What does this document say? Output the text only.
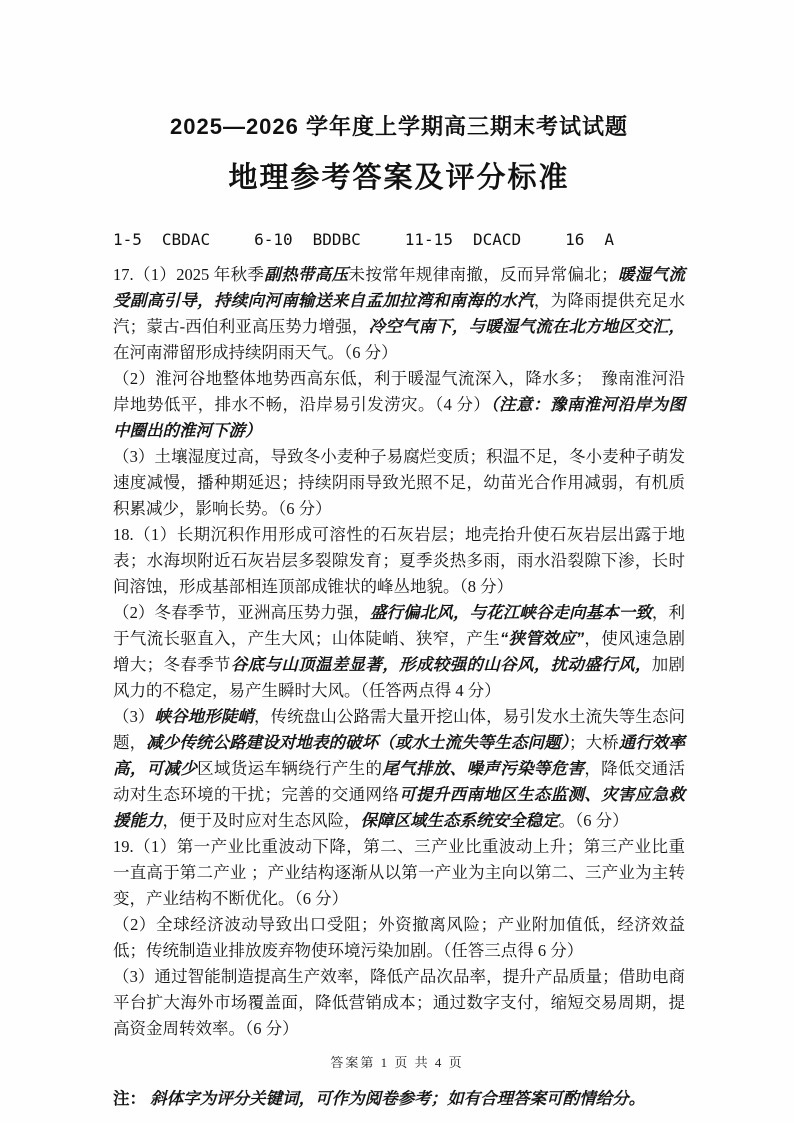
2025—2026 学年度上学期高三期末考试试题
地理参考答案及评分标准
1-5 CBDAC	6-10 BDDBC	11-15 DCACD	16 A

17.（1）2025 年秋季副热带高压未按常年规律南撤，反而异常偏北；暖湿气流受副高引导，持续向河南输送来自孟加拉湾和南海的水汽，为降雨提供充足水汽；蒙古-西伯利亚高压势力增强，冷空气南下，与暖湿气流在北方地区交汇，在河南滞留形成持续阴雨天气。（6 分）

（2）淮河谷地整体地势西高东低，利于暖湿气流深入，降水多；　豫南淮河沿岸地势低平，排水不畅，沿岸易引发涝灾。（4 分）（注意：豫南淮河沿岸为图中圈出的淮河下游）

（3）土壤湿度过高，导致冬小麦种子易腐烂变质；积温不足，冬小麦种子萌发速度减慢，播种期延迟；持续阴雨导致光照不足，幼苗光合作用减弱，有机质积累减少，影响长势。（6 分）

18.（1）长期沉积作用形成可溶性的石灰岩层；地壳抬升使石灰岩层出露于地表；水海坝附近石灰岩层多裂隙发育；夏季炎热多雨，雨水沿裂隙下渗，长时间溶蚀，形成基部相连顶部成锥状的峰丛地貌。（8 分）

（2）冬春季节，亚洲高压势力强，盛行偏北风，与花江峡谷走向基本一致，利于气流长驱直入，产生大风；山体陡峭、狭窄，产生“狭管效应”，使风速急剧增大；冬春季节谷底与山顶温差显著，形成较强的山谷风，扰动盛行风，加剧风力的不稳定，易产生瞬时大风。（任答两点得 4 分）

（3）峡谷地形陡峭，传统盘山公路需大量开挖山体，易引发水土流失等生态问题，减少传统公路建设对地表的破坏（或水土流失等生态问题）；大桥通行效率高，可减少区域货运车辆绕行产生的尾气排放、噪声污染等危害，降低交通活动对生态环境的干扰；完善的交通网络可提升西南地区生态监测、灾害应急救援能力，便于及时应对生态风险，保障区域生态系统安全稳定。（6 分）

19.（1）第一产业比重波动下降，第二、三产业比重波动上升；第三产业比重一直高于第二产业 ；产业结构逐渐从以第一产业为主向以第二、三产业为主转变，产业结构不断优化。（6 分）

（2）全球经济波动导致出口受阻；外资撤离风险；产业附加值低，经济效益低；传统制造业排放废弃物使环境污染加剧。（任答三点得 6 分）

（3）通过智能制造提高生产效率，降低产品次品率，提升产品质量；借助电商平台扩大海外市场覆盖面，降低营销成本；通过数字支付，缩短交易周期，提高资金周转效率。（6 分）

注： 斜体字为评分关键词，可作为阅卷参考；如有合理答案可酌情给分。

答案第 1 页 共 4 页
